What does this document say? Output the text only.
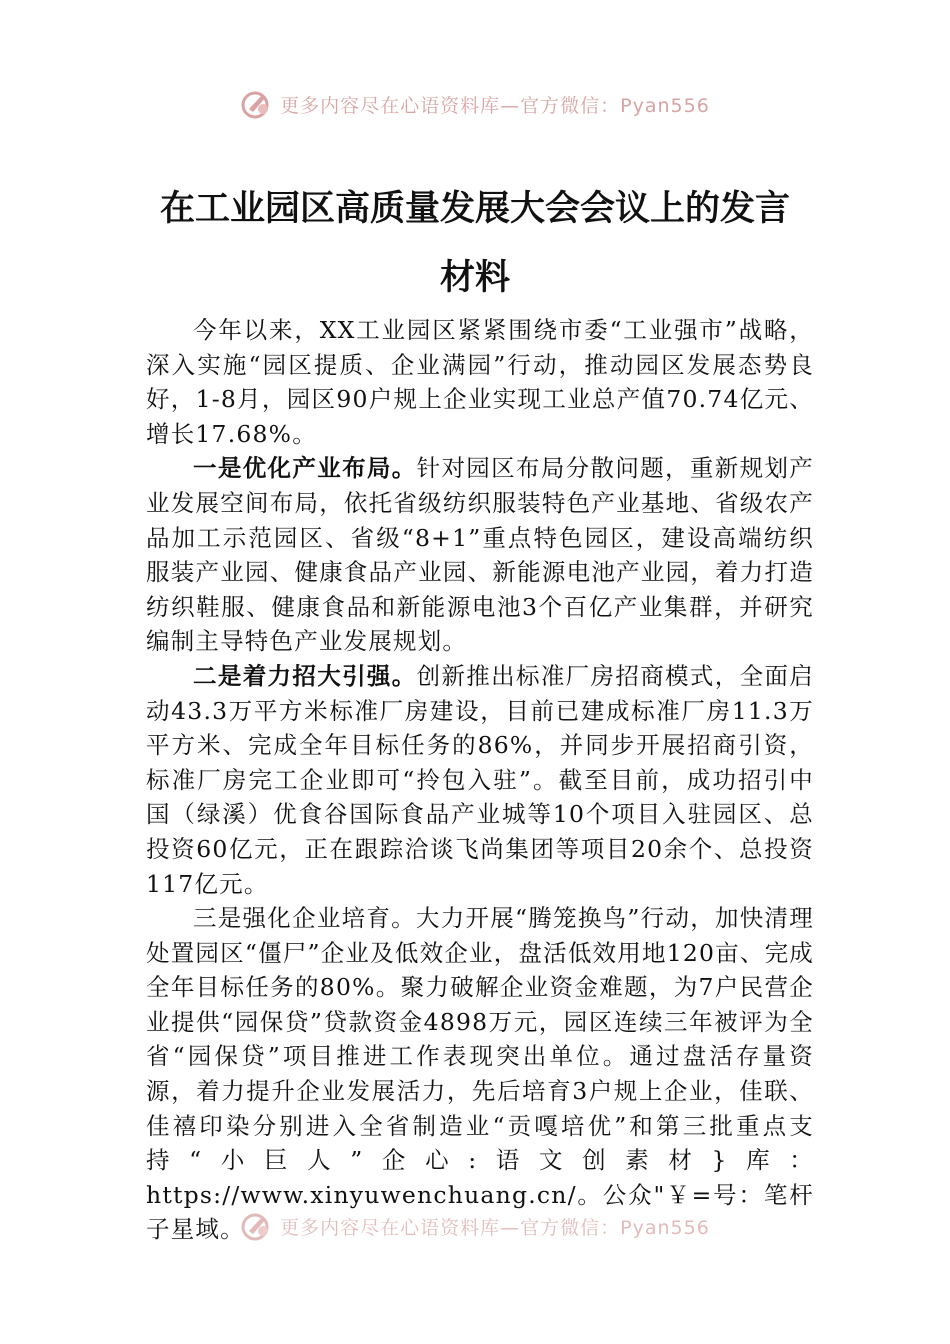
更多内容尽在心语资料库—官方微信：Pyan556
在工业园区高质量发展大会会议上的发言
材料

今年以来，XX工业园区紧紧围绕市委“工业强市”战略，深入实施“园区提质、企业满园”行动，推动园区发展态势良好，1-8月，园区90户规上企业实现工业总产值70.74亿元、增长17.68%。

一是优化产业布局。针对园区布局分散问题，重新规划产业发展空间布局，依托省级纺织服装特色产业基地、省级农产品加工示范园区、省级“8+1”重点特色园区，建设高端纺织服装产业园、健康食品产业园、新能源电池产业园，着力打造纺织鞋服、健康食品和新能源电池3个百亿产业集群，并研究编制主导特色产业发展规划。

二是着力招大引强。创新推出标准厂房招商模式，全面启动43.3万平方米标准厂房建设，目前已建成标准厂房11.3万平方米、完成全年目标任务的86%，并同步开展招商引资，标准厂房完工企业即可“拎包入驻”。截至目前，成功招引中国（绿溪）优食谷国际食品产业城等10个项目入驻园区、总投资60亿元，正在跟踪洽谈飞尚集团等项目20余个、总投资117亿元。

三是强化企业培育。大力开展“腾笼换鸟”行动，加快清理处置园区“僵尸”企业及低效企业，盘活低效用地120亩、完成全年目标任务的80%。聚力破解企业资金难题，为7户民营企业提供“园保贷”贷款资金4898万元，园区连续三年被评为全省“园保贷”项目推进工作表现突出单位。通过盘活存量资源，着力提升企业发展活力，先后培育3户规上企业，佳联、佳禧印染分别进入全省制造业“贡嘎培优”和第三批重点支持“小巨人”企心:语文创素材}库：https://www.xinyuwenchuang.cn/。公众"￥=号：笔杆子星域。	更多内容尽在心语资料库—官方微信：Pyan556
